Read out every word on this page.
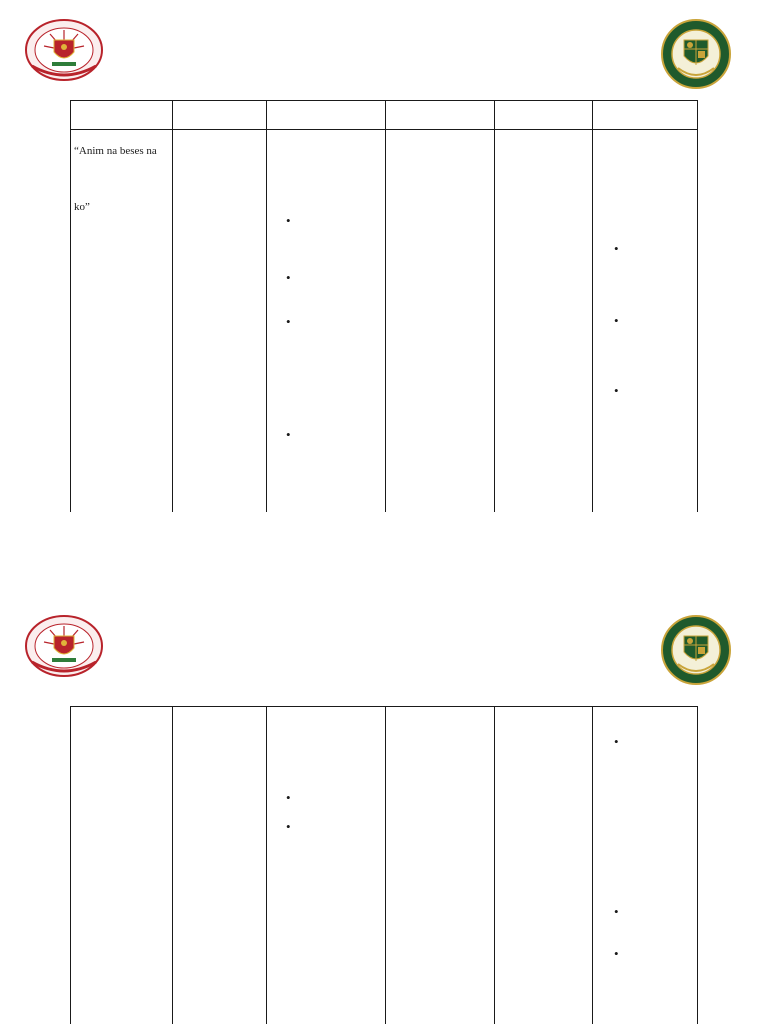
“Anim na beses na
ko”
•
•
•
•
•
•
•
•
•
•
•
•
